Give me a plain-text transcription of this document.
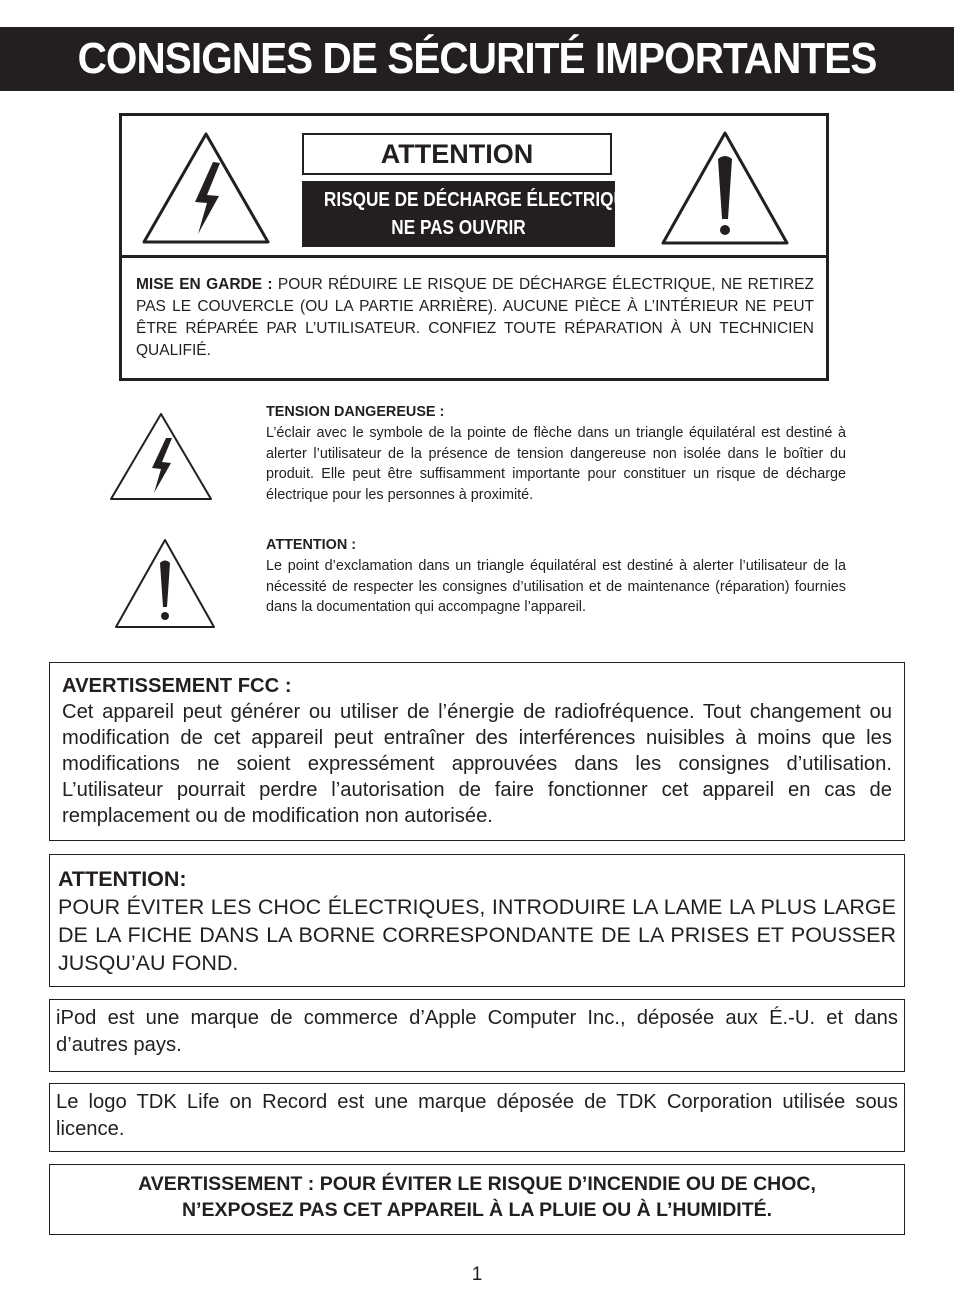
CONSIGNES DE SÉCURITÉ IMPORTANTES
ATTENTION
RISQUE DE DÉCHARGE ÉLECTRIQUE
NE PAS OUVRIR
MISE EN GARDE : POUR RÉDUIRE LE RISQUE DE DÉCHARGE ÉLECTRIQUE, NE RETIREZ PAS LE COUVERCLE (OU LA PARTIE ARRIÈRE). AUCUNE PIÈCE À L’INTÉRIEUR NE PEUT ÊTRE RÉPARÉE PAR L’UTILISATEUR. CONFIEZ TOUTE RÉPARATION À UN TECHNICIEN QUALIFIÉ.
TENSION DANGEREUSE :
L’éclair avec le symbole de la pointe de flèche dans un triangle équilatéral est destiné à alerter l’utilisateur de la présence de tension dangereuse non isolée dans le boîtier du produit. Elle peut être suffisamment importante pour constituer un risque de décharge électrique pour les personnes à proximité.
ATTENTION :
Le point d’exclamation dans un triangle équilatéral est destiné à alerter l’utilisateur de la nécessité de respecter les consignes d’utilisation et de maintenance (réparation) fournies dans la documentation qui accompagne l’appareil.
AVERTISSEMENT FCC :
Cet appareil peut générer ou utiliser de l’énergie de radiofréquence. Tout changement ou modification de cet appareil peut entraîner des interférences nuisibles à moins que les modifications ne soient expressément approuvées dans les consignes d’utilisation. L’utilisateur pourrait perdre l’autorisation de faire fonctionner cet appareil en cas de remplacement ou de modification non autorisée.
ATTENTION:
POUR ÉVITER LES CHOC ÉLECTRIQUES, INTRODUIRE LA LAME LA PLUS LARGE DE LA FICHE DANS LA BORNE CORRESPONDANTE DE LA PRISES ET POUSSER JUSQU’AU FOND.
iPod est une marque de commerce d’Apple Computer Inc., déposée aux É.-U. et dans d’autres pays.
Le logo TDK Life on Record est une marque déposée de TDK Corporation utilisée sous licence.
AVERTISSEMENT : POUR ÉVITER LE RISQUE D’INCENDIE OU DE CHOC,
N’EXPOSEZ PAS CET APPAREIL À LA PLUIE OU À L’HUMIDITÉ.
1
